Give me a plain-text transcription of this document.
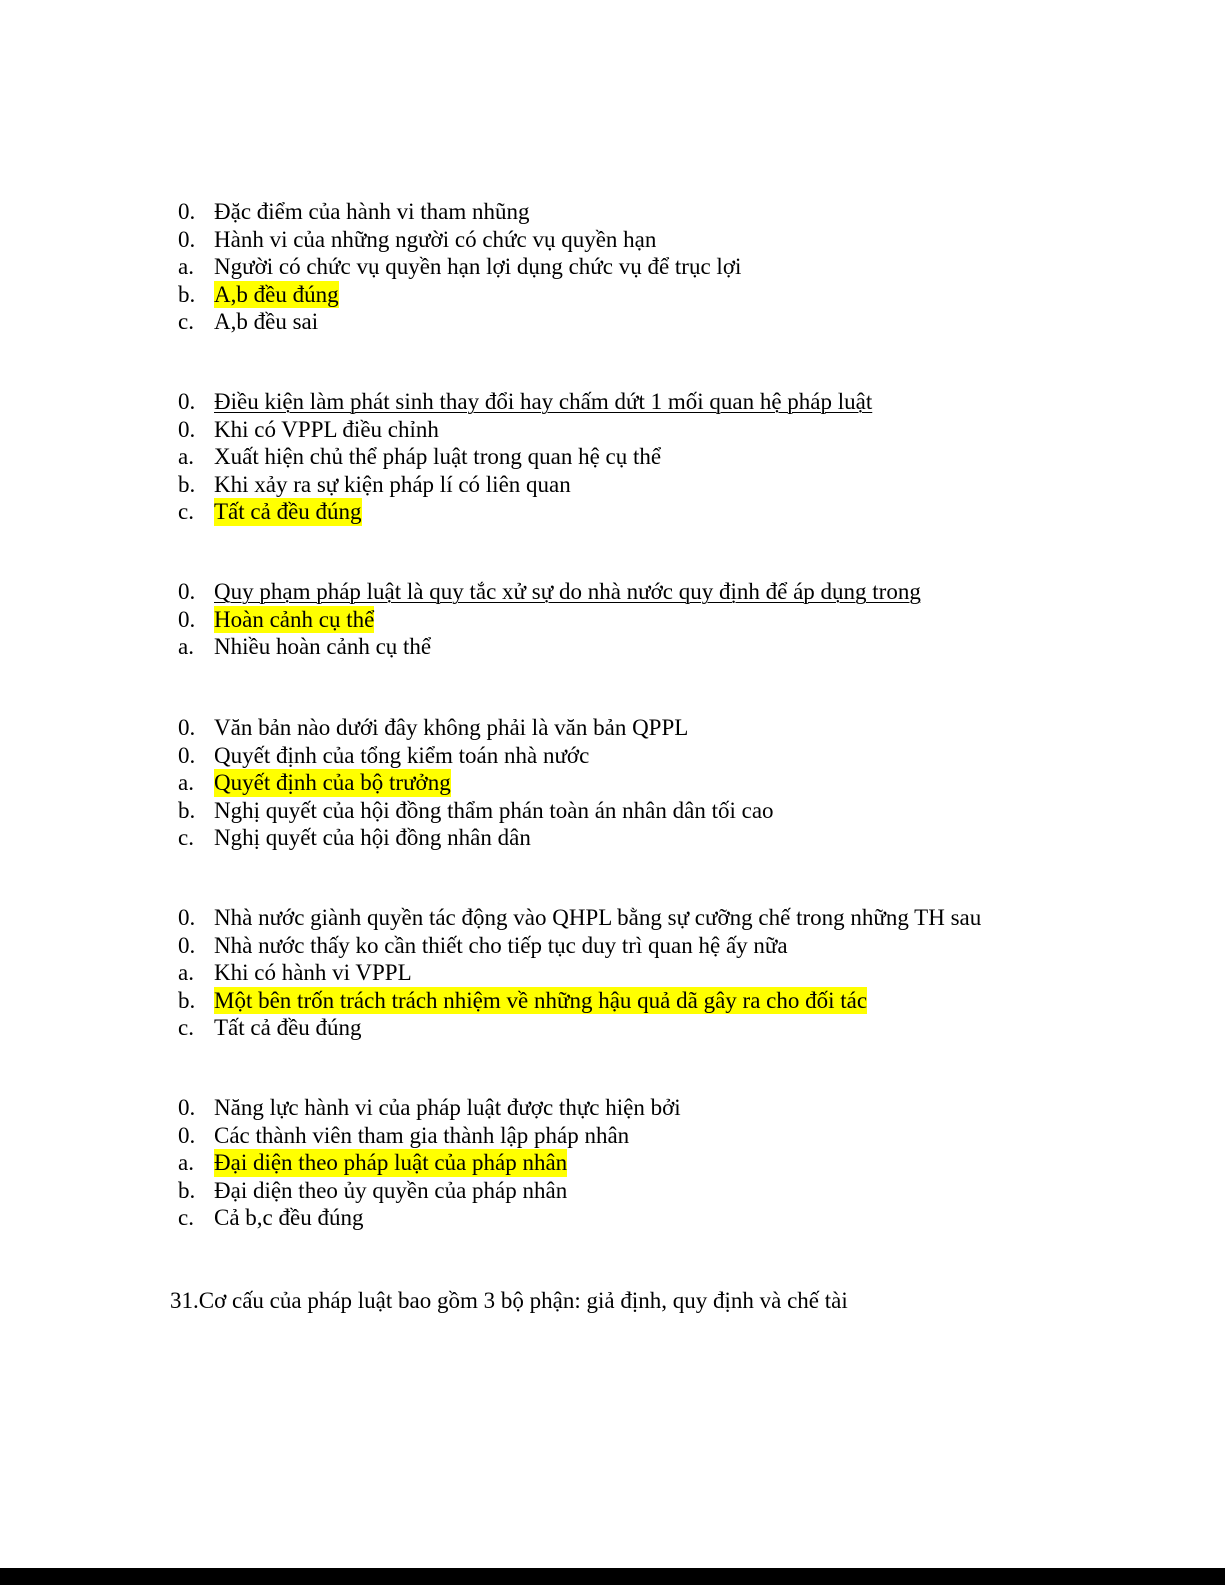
0. Đặc điểm của hành vi tham nhũng
0. Hành vi của những người có chức vụ quyền hạn
a. Người có chức vụ quyền hạn lợi dụng chức vụ để trục lợi
b. A,b đều đúng
c. A,b đều sai
0. Điều kiện làm phát sinh thay đổi hay chấm dứt 1 mối quan hệ pháp luật
0. Khi có VPPL điều chỉnh
a. Xuất hiện chủ thể pháp luật trong quan hệ cụ thể
b. Khi xảy ra sự kiện pháp lí có liên quan
c. Tất cả đều đúng
0. Quy phạm pháp luật là quy tắc xử sự do nhà nước quy định để áp dụng trong
0. Hoàn cảnh cụ thể
a. Nhiều hoàn cảnh cụ thể
0. Văn bản nào dưới đây không phải là văn bản QPPL
0. Quyết định của tổng kiểm toán nhà nước
a. Quyết định của bộ trưởng
b. Nghị quyết của hội đồng thẩm phán toàn án nhân dân tối cao
c. Nghị quyết của hội đồng nhân dân
0. Nhà nước giành quyền tác động vào QHPL bằng sự cưỡng chế trong những TH sau
0. Nhà nước thấy ko cần thiết cho tiếp tục duy trì quan hệ ấy nữa
a. Khi có hành vi VPPL
b. Một bên trốn trách trách nhiệm về những hậu quả dã gây ra cho đối tác
c. Tất cả đều đúng
0. Năng lực hành vi của pháp luật được thực hiện bởi
0. Các thành viên tham gia thành lập pháp nhân
a. Đại diện theo pháp luật của pháp nhân
b. Đại diện theo ủy quyền của pháp nhân
c. Cả b,c đều đúng
31.Cơ cấu của pháp luật bao gồm 3 bộ phận: giả định, quy định và chế tài
